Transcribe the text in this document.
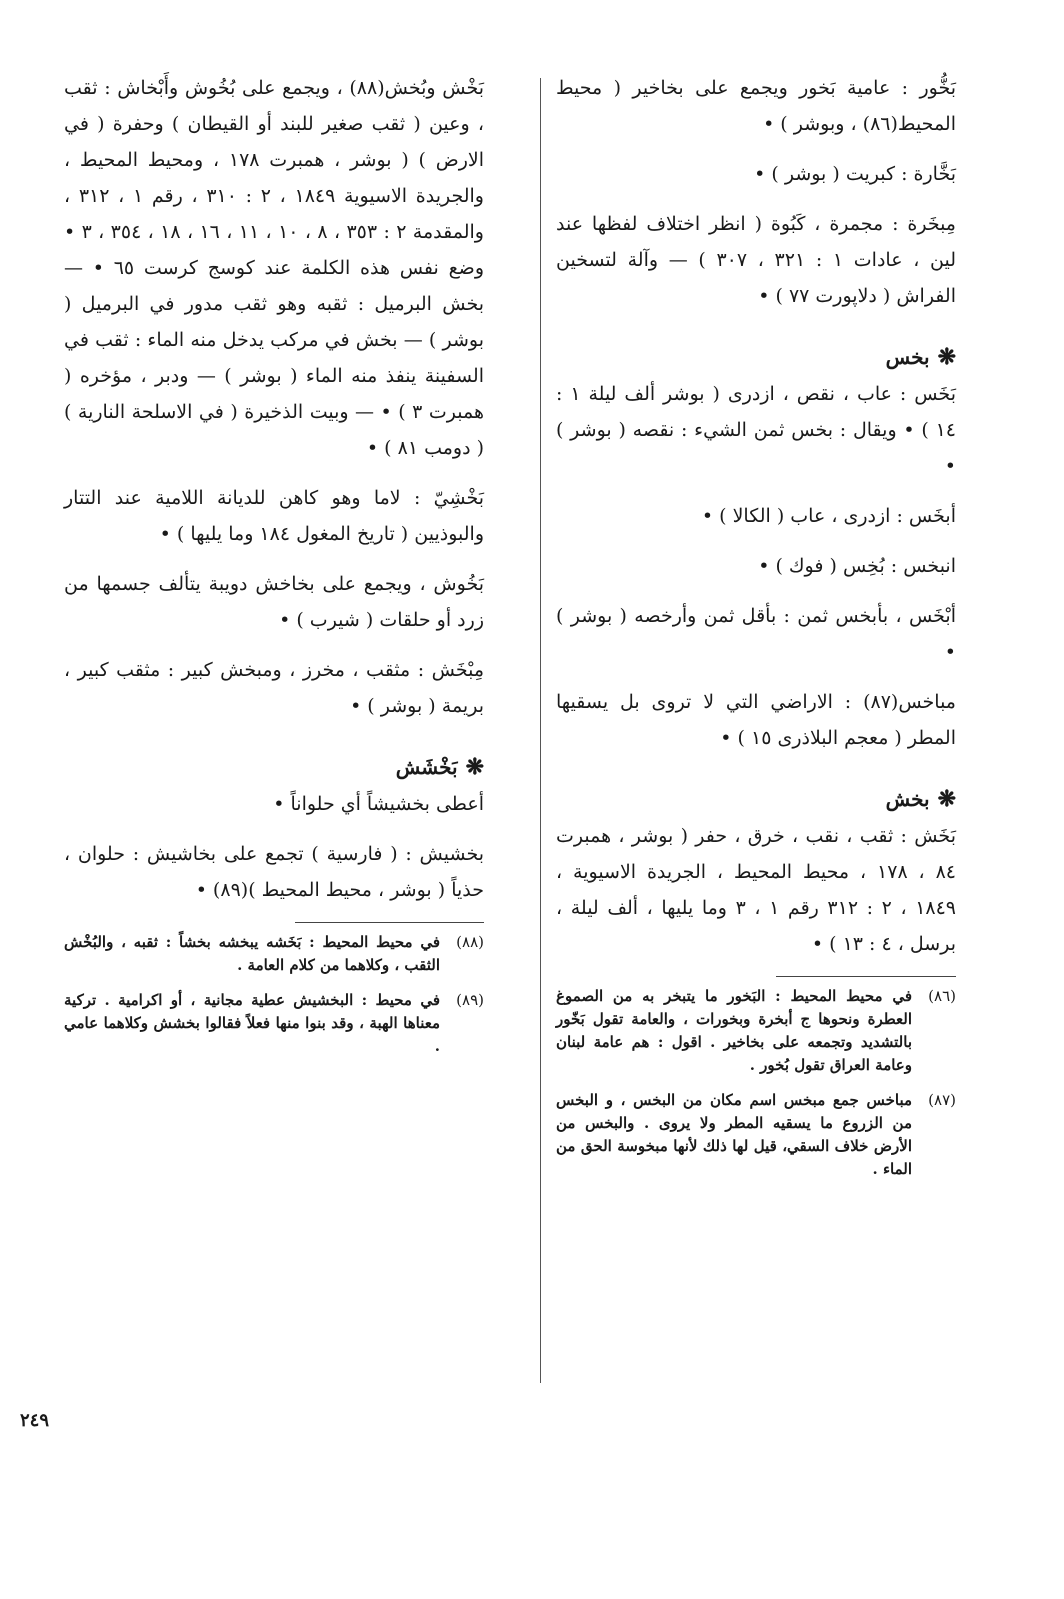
بَخُّور : عامية بَخور ويجمع على بخاخير ( محيط المحيط(٨٦) ، وبوشر ) •

بَخَّارة : كبريت ( بوشر ) •

مِبخَرة : مجمرة ، كَبُوة ( انظر اختلاف لفظها عند لين ، عادات ١ : ٣٢١ ، ٣٠٧ ) — وآلة لتسخين الفراش ( دلاپورت ٧٧ ) •

❋بخس

بَخَس : عاب ، نقص ، ازدرى ( بوشر ألف ليلة ١ : ١٤ ) • ويقال : بخس ثمن الشيء : نقصه ( بوشر ) •

أبخَس : ازدرى ، عاب ( الكالا ) •

انبخس : بُخِس ( فوك ) •

أبْخَس ، بأبخس ثمن : بأقل ثمن وأرخصه ( بوشر ) •

مباخس(٨٧) : الاراضي التي لا تروى بل يسقيها المطر ( معجم البلاذرى ١٥ ) •

❋بخش

بَخَش : ثقب ، نقب ، خرق ، حفر ( بوشر ، همبرت ٨٤ ، ١٧٨ ، محيط المحيط ، الجريدة الاسيوية ، ١٨٤٩ ، ٢ : ٣١٢ رقم ١ ، ٣ وما يليها ، ألف ليلة ، برسل ، ٤ : ١٣ ) •

(٨٦)
في محيط المحيط : البَخور ما يتبخر به من الصموغ العطرة ونحوها ج أبخرة وبخورات ، والعامة تقول بَخّور بالتشديد وتجمعه على بخاخير . اقول : هم عامة لبنان وعامة العراق تقول بُخور .
(٨٧)
مباخس جمع مبخس اسم مكان من البخس ، و البخس من الزروع ما يسقيه المطر ولا يروى . والبخس من الأرض خلاف السقي، قيل لها ذلك لأنها مبخوسة الحق من الماء .

بَخْش وبُخش(٨٨) ، ويجمع على بُخُوش وأَبْخاش : ثقب ، وعين ( ثقب صغير للبند أو القيطان ) وحفرة ( في الارض ) ( بوشر ، همبرت ١٧٨ ، ومحيط المحيط ، والجريدة الاسيوية ١٨٤٩ ، ٢ : ٣١٠ ، رقم ١ ، ٣١٢ ، والمقدمة ٢ : ٣٥٣ ، ٨ ، ١٠ ، ١١ ، ١٦ ، ١٨ ، ٣٥٤ ، ٣ • وضع نفس هذه الكلمة عند كوسج كرست ٦٥ • — بخش البرميل : ثقبه وهو ثقب مدور في البرميل ( بوشر ) — بخش في مركب يدخل منه الماء : ثقب في السفينة ينفذ منه الماء ( بوشر ) — ودبر ، مؤخره ( همبرت ٣ ) • — وبيت الذخيرة ( في الاسلحة النارية ) ( دومب ٨١ ) •

بَخْشِيّ : لاما وهو كاهن للديانة اللامية عند التتار والبوذيين ( تاريخ المغول ١٨٤ وما يليها ) •

بَخُوش ، ويجمع على بخاخش دويبة يتألف جسمها من زرد أو حلقات ( شيرب ) •

مِبْخَش : مثقب ، مخرز ، ومبخش كبير : مثقب كبير ، بريمة ( بوشر ) •

❋بَخْشَش

أعطى بخشيشاً أي حلواناً •

بخشيش : ( فارسية ) تجمع على بخاشيش : حلوان ، حذياً ( بوشر ، محيط المحيط )(٨٩) •

(٨٨)
في محيط المحيط : بَخَشه يبخشه بخشاً : ثقبه ، والبُخْش الثقب ، وكلاهما من كلام العامة .
(٨٩)
في محيط : البخشيش عطية مجانية ، أو اكرامية . تركية معناها الهبة ، وقد بنوا منها فعلاً فقالوا بخشش وكلاهما عامي .
٢٤٩
